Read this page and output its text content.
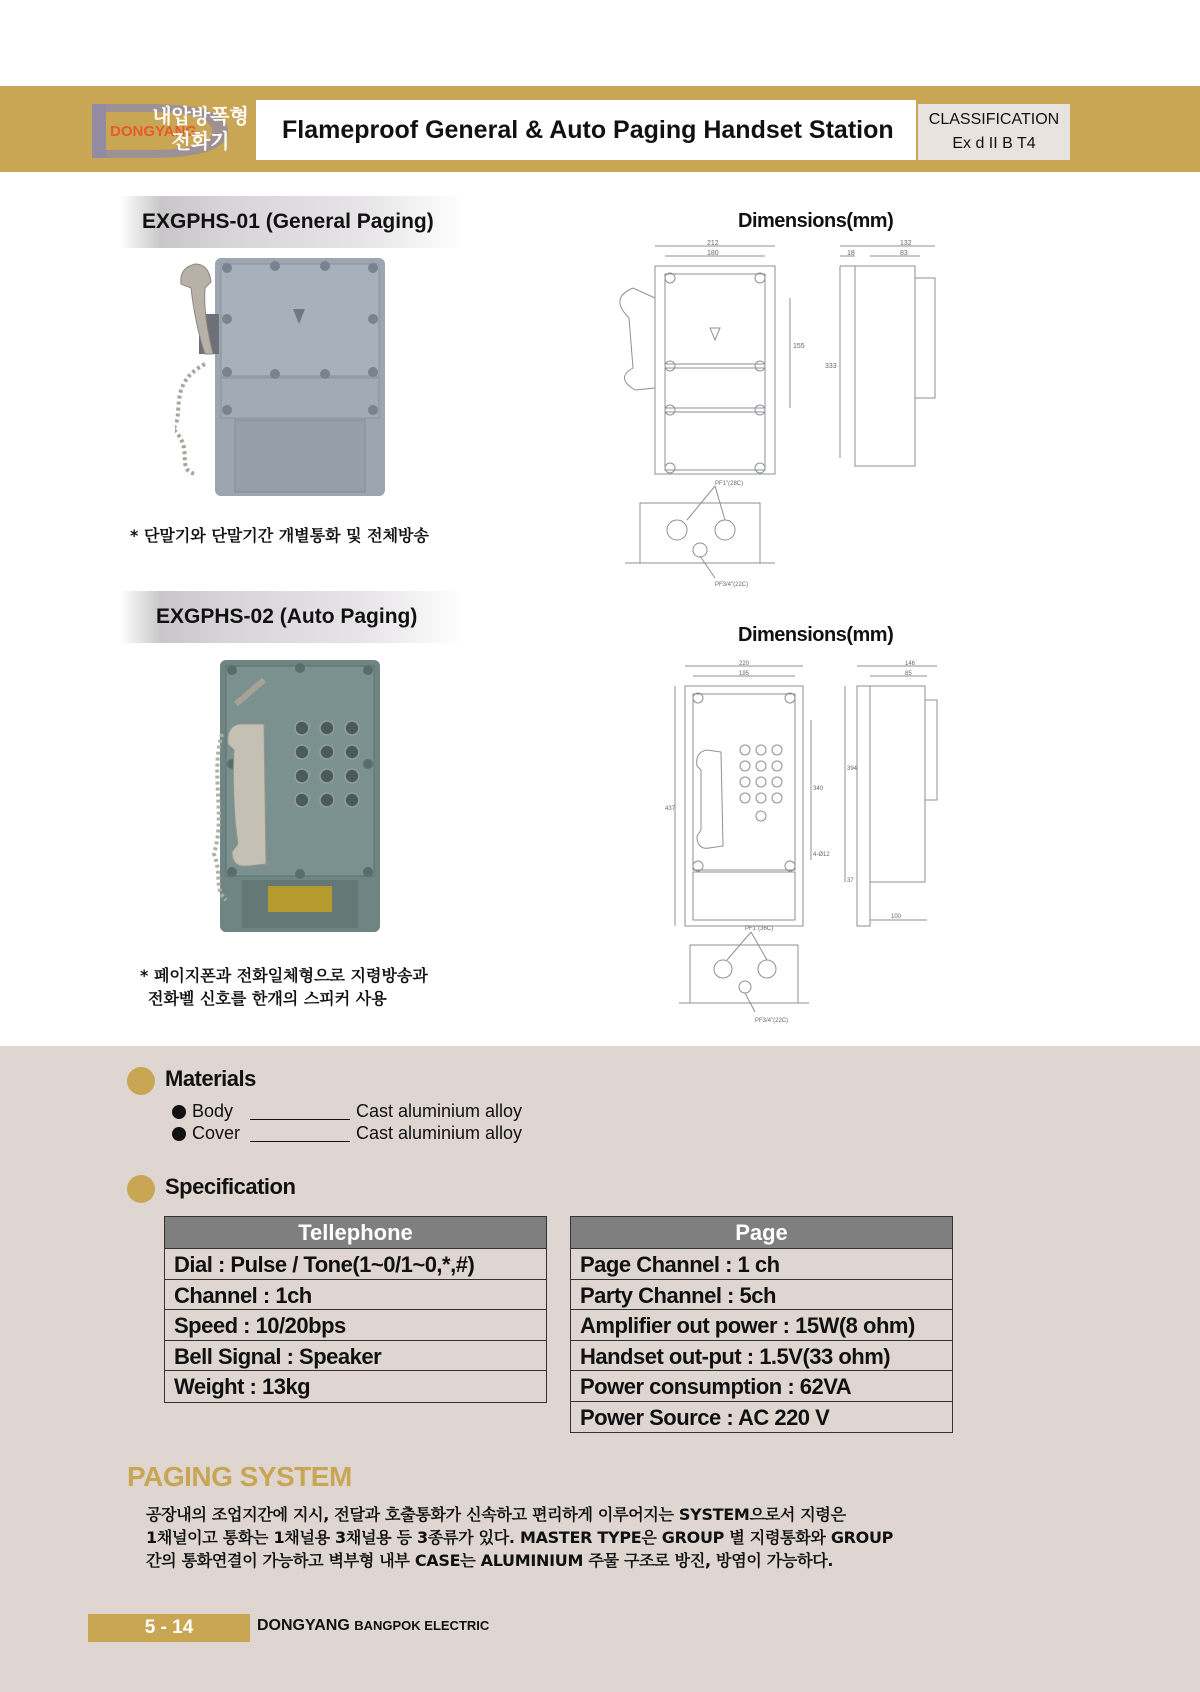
DONGYANG
내압방폭형
전화기	Flameproof General & Auto Paging Handset Station	CLASSIFICATION
Ex d II B T4
EXGPHS-01 (General Paging)	Dimensions(mm)
212
180
155
18
132
83
333
PF1"(28C)
PF3/4"(22C)
* 단말기와 단말기간 개별통화 및 전체방송
EXGPHS-02 (Auto Paging)
Dimensions(mm)
220
195
437
340
4-Ø12
146
85
394
37
100
PF1"(36C)
PF3/4"(22C)
* 페이지폰과 전화일체형으로 지령방송과
전화벨 신호를 한개의 스피커 사용
Materials
Body	Cast aluminium alloy
Cover	Cast aluminium alloy
Specification
Tellephone
Dial : Pulse / Tone(1~0/1~0,*,#)
Channel : 1ch
Speed : 10/20bps
Bell Signal : Speaker
Weight : 13kg
Page
Page Channel : 1 ch
Party Channel : 5ch
Amplifier out power : 15W(8 ohm)
Handset out-put : 1.5V(33 ohm)
Power consumption : 62VA
Power Source : AC 220 V
PAGING SYSTEM
공장내의 조업지간에 지시, 전달과 호출통화가 신속하고 편리하게 이루어지는 SYSTEM으로서 지령은
1채널이고 통화는 1채널용 3채널용 등 3종류가 있다. MASTER TYPE은 GROUP 별 지령통화와 GROUP
간의 통화연결이 가능하고 벽부형 내부 CASE는 ALUMINIUM 주물 구조로 방진, 방염이 가능하다.
5 - 14	DONGYANG BANGPOK ELECTRIC
